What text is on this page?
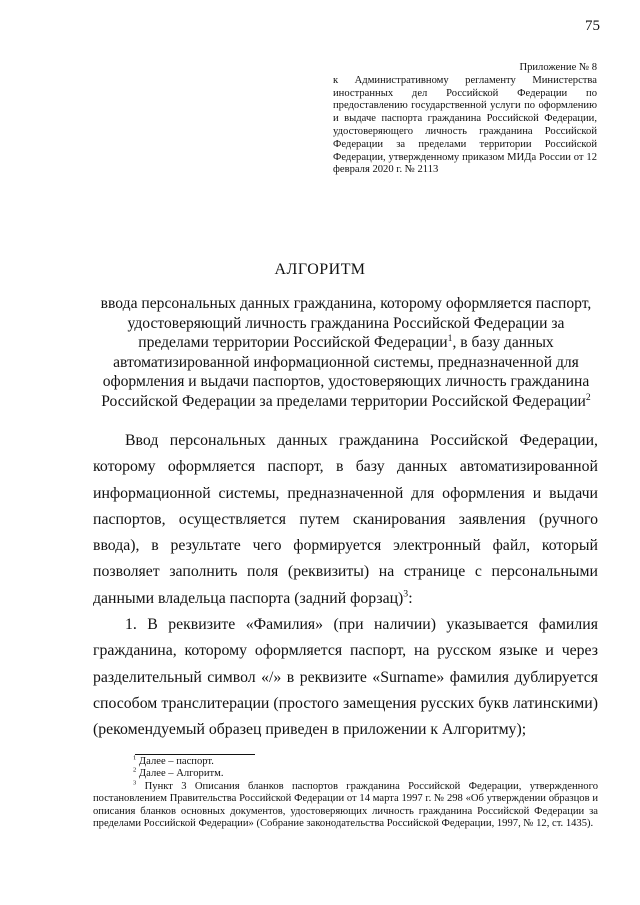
75
Приложение № 8
к Административному регламенту Министерства иностранных дел Российской Федерации по предоставлению государственной услуги по оформлению и выдаче паспорта гражданина Российской Федерации, удостоверяющего личность гражданина Российской Федерации за пределами территории Российской Федерации, утвержденному приказом МИДа России от 12 февраля 2020 г. № 2113
АЛГОРИТМ
ввода персональных данных гражданина, которому оформляется паспорт, удостоверяющий личность гражданина Российской Федерации за пределами территории Российской Федерации$^1$, в базу данных автоматизированной информационной системы, предназначенной для оформления и выдачи паспортов, удостоверяющих личность гражданина Российской Федерации за пределами территории Российской Федерации$^2$

Ввод персональных данных гражданина Российской Федерации, которому оформляется паспорт, в базу данных автоматизированной информационной системы, предназначенной для оформления и выдачи паспортов, осуществляется путем сканирования заявления (ручного ввода), в результате чего формируется электронный файл, который позволяет заполнить поля (реквизиты) на странице с персональными данными владельца паспорта (задний форзац)$^3$:

1. В реквизите «Фамилия» (при наличии) указывается фамилия гражданина, которому оформляется паспорт, на русском языке и через разделительный символ «/» в реквизите «Surname» фамилия дублируется способом транслитерации (простого замещения русских букв латинскими) (рекомендуемый образец приведен в приложении к Алгоритму);

$^1$ Далее – паспорт.

$^2$ Далее – Алгоритм.

$^3$ Пункт 3 Описания бланков паспортов гражданина Российской Федерации, утвержденного постановлением Правительства Российской Федерации от 14 марта 1997 г. № 298 «Об утверждении образцов и описания бланков основных документов, удостоверяющих личность гражданина Российской Федерации за пределами Российской Федерации» (Собрание законодательства Российской Федерации, 1997, № 12, ст. 1435).
